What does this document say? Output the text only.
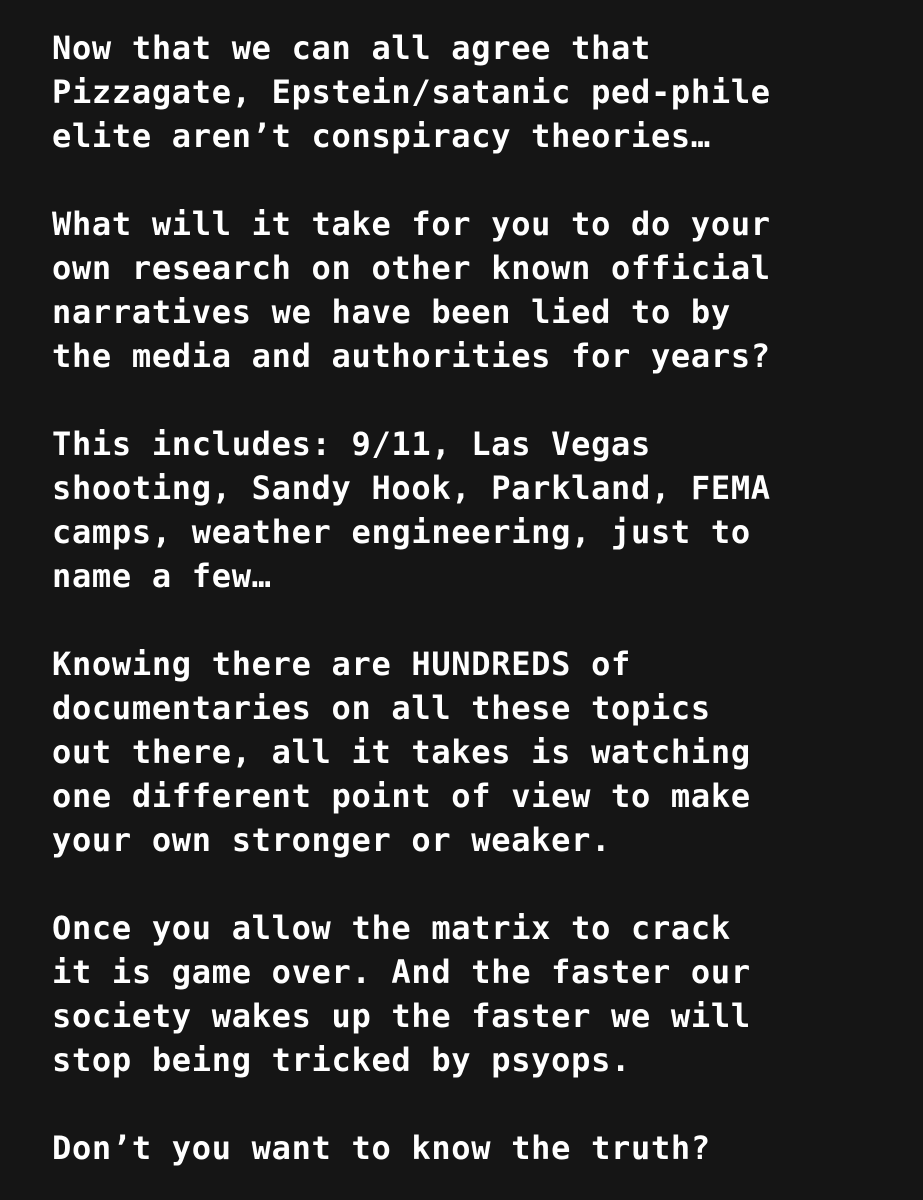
Now that we can all agree that
Pizzagate, Epstein/satanic ped-phile
elite aren’t conspiracy theories…
What will it take for you to do your
own research on other known official
narratives we have been lied to by
the media and authorities for years?
This includes: 9/11, Las Vegas
shooting, Sandy Hook, Parkland, FEMA
camps, weather engineering, just to
name a few…
Knowing there are HUNDREDS of
documentaries on all these topics
out there, all it takes is watching
one different point of view to make
your own stronger or weaker.
Once you allow the matrix to crack
it is game over. And the faster our
society wakes up the faster we will
stop being tricked by psyops.
Don’t you want to know the truth?
